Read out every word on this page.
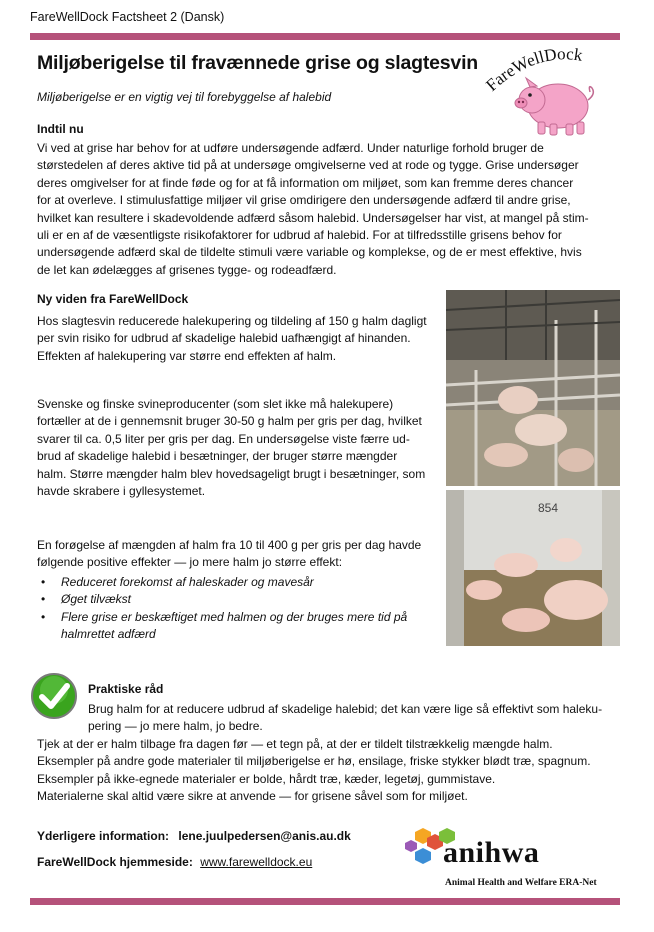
FareWellDock Factsheet 2 (Dansk)
FareWellDock
Miljøberigelse til fravænnede grise og slagtesvin
Miljøberigelse er en vigtig vej til forebyggelse af halebid
Indtil nu
Vi ved at grise har behov for at udføre undersøgende adfærd. Under naturlige forhold bruger de
størstedelen af deres aktive tid på at undersøge omgivelserne ved at rode og tygge. Grise undersøger
deres omgivelser for at finde føde og for at få information om miljøet, som kan fremme deres chancer
for at overleve. I stimulusfattige miljøer vil grise omdirigere den undersøgende adfærd til andre grise,
hvilket kan resultere i skadevoldende adfærd såsom halebid. Undersøgelser har vist, at mangel på stim-
uli er en af de væsentligste risikofaktorer for udbrud af halebid. For at tilfredsstille grisens behov for
undersøgende adfærd skal de tildelte stimuli være variable og komplekse, og de er mest effektive, hvis
de let kan ødelægges af grisenes tygge- og rodeadfærd.
Ny viden fra FareWellDock
Hos slagtesvin reducerede halekupering og tildeling af 150 g halm dagligt
per svin risiko for udbrud af skadelige halebid uafhængigt af hinanden.
Effekten af halekupering var større end effekten af halm.
Svenske og finske svineproducenter (som slet ikke må halekupere)
fortæller at de i gennemsnit bruger 30-50 g halm per gris per dag, hvilket
svarer til ca. 0,5 liter per gris per dag. En undersøgelse viste færre ud-
brud af skadelige halebid i besætninger, der bruger større mængder
halm. Større mængder halm blev hovedsageligt brugt i besætninger, som
havde skrabere i gyllesystemet.
En forøgelse af mængden af halm fra 10 til 400 g per gris per dag havde
følgende positive effekter — jo mere halm jo større effekt:
• Reduceret forekomst af haleskader og mavesår
• Øget tilvækst
• Flere grise er beskæftiget med halmen og der bruges mere tid på
halmrettet adfærd
854
Praktiske råd
Brug halm for at reducere udbrud af skadelige halebid; det kan være lige så effektivt som haleku-
pering — jo mere halm, jo bedre.
Tjek at der er halm tilbage fra dagen før — et tegn på, at der er tildelt tilstrækkelig mængde halm.
Eksempler på andre gode materialer til miljøberigelse er hø, ensilage, friske stykker blødt træ, spagnum.
Eksempler på ikke-egnede materialer er bolde, hårdt træ, kæder, legetøj, gummistave.
Materialerne skal altid være sikre at anvende — for grisene såvel som for miljøet.
Yderligere information: lene.juulpedersen@anis.au.dk
FareWellDock hjemmeside: www.farewelldock.eu	anihwa
Animal Health and Welfare ERA-Net
